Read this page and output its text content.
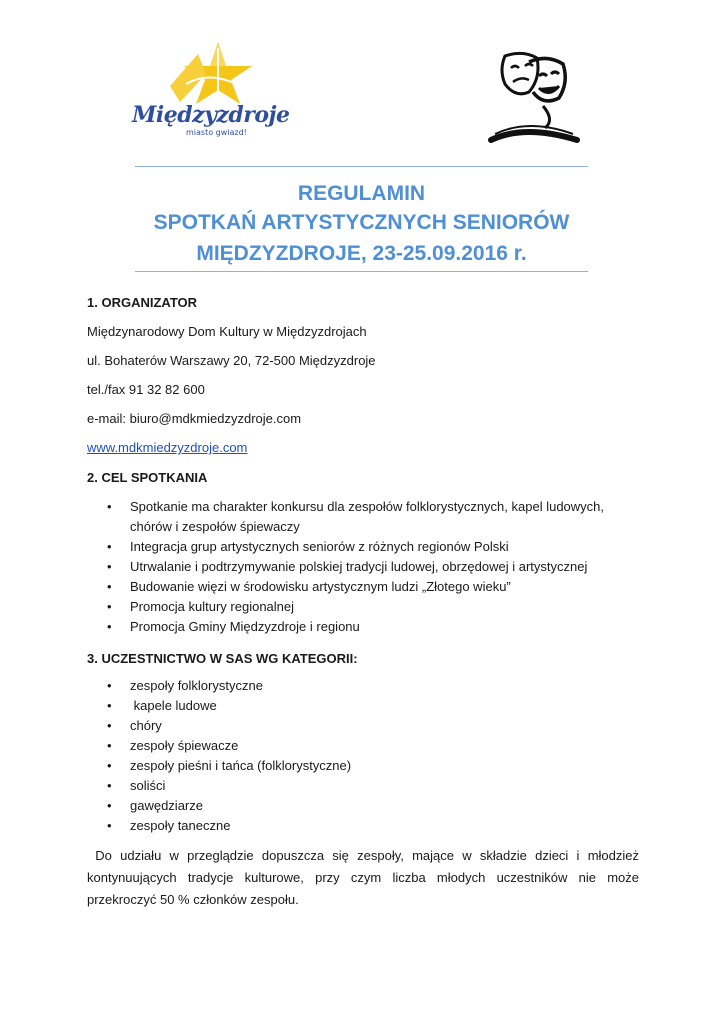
Międzyzdroje
miasto gwiazd!
REGULAMIN
SPOTKAŃ ARTYSTYCZNYCH SENIORÓW
MIĘDZYZDROJE, 23-25.09.2016 r.
1. ORGANIZATOR
Międzynarodowy Dom Kultury w Międzyzdrojach
ul. Bohaterów Warszawy 20, 72-500 Międzyzdroje
tel./fax 91 32 82 600
e-mail: biuro@mdkmiedzyzdroje.com
www.mdkmiedzyzdroje.com
2. CEL SPOTKANIA
• Spotkanie ma charakter konkursu dla zespołów folklorystycznych, kapel ludowych,
chórów i zespołów śpiewaczy
• Integracja grup artystycznych seniorów z różnych regionów Polski
• Utrwalanie i podtrzymywanie polskiej tradycji ludowej, obrzędowej i artystycznej
• Budowanie więzi w środowisku artystycznym ludzi „Złotego wieku”
• Promocja kultury regionalnej
• Promocja Gminy Międzyzdroje i regionu
3. UCZESTNICTWO W SAS WG KATEGORII:
• zespoły folklorystyczne
• kapele ludowe
• chóry
• zespoły śpiewacze
• zespoły pieśni i tańca (folklorystyczne)
• soliści
• gawędziarze
• zespoły taneczne
Do udziału w przeglądzie dopuszcza się zespoły, mające w składzie dzieci i młodzież kontynuujących tradycje kulturowe, przy czym liczba młodych uczestników nie może przekroczyć 50 % członków zespołu.
